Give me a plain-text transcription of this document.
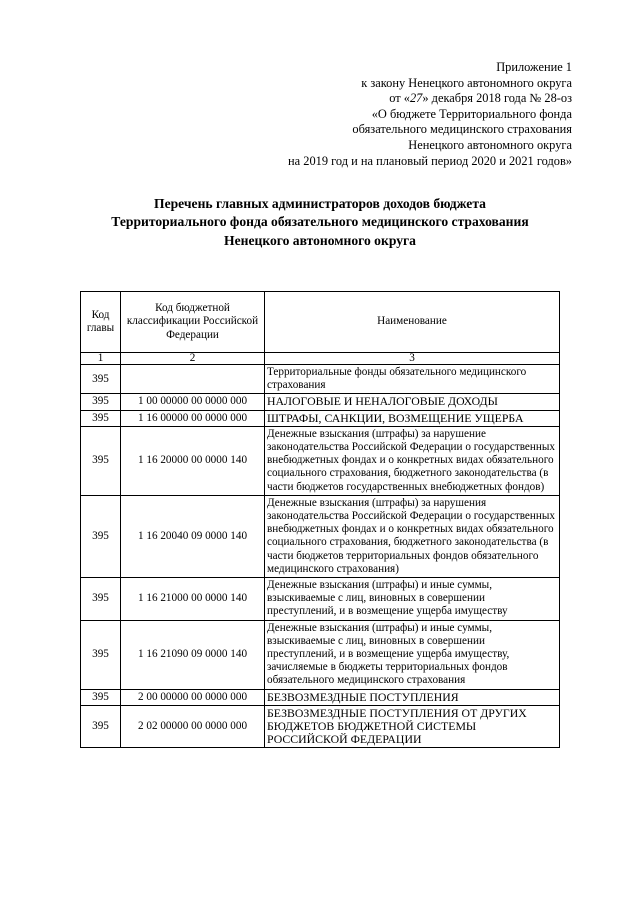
Приложение 1
к закону Ненецкого автономного округа
от «27» декабря 2018 года № 28-оз
«О бюджете Территориального фонда
обязательного медицинского страхования
Ненецкого автономного округа
на 2019 год и на плановый период 2020 и 2021 годов»
Перечень главных администраторов доходов бюджета
Территориального фонда обязательного медицинского страхования
Ненецкого автономного округа
Код главы	Код бюджетной классификации Российской Федерации	Наименование
1	2	3
395		Территориальные фонды обязательного медицинского страхования
395	1 00 00000 00 0000 000	НАЛОГОВЫЕ И НЕНАЛОГОВЫЕ ДОХОДЫ
395	1 16 00000 00 0000 000	ШТРАФЫ, САНКЦИИ, ВОЗМЕЩЕНИЕ УЩЕРБА
395	1 16 20000 00 0000 140	Денежные взыскания (штрафы) за нарушение законодательства Российской Федерации о государственных внебюджетных фондах и о конкретных видах обязательного социального страхования, бюджетного законодательства (в части бюджетов государственных внебюджетных фондов)
395	1 16 20040 09 0000 140	Денежные взыскания (штрафы) за нарушения законодательства Российской Федерации о государственных внебюджетных фондах и о конкретных видах обязательного социального страхования, бюджетного законодательства (в части бюджетов территориальных фондов обязательного медицинского страхования)
395	1 16 21000 00 0000 140	Денежные взыскания (штрафы) и иные суммы, взыскиваемые с лиц, виновных в совершении преступлений, и в возмещение ущерба имуществу
395	1 16 21090 09 0000 140	Денежные взыскания (штрафы) и иные суммы, взыскиваемые с лиц, виновных в совершении преступлений, и в возмещение ущерба имуществу, зачисляемые в бюджеты территориальных фондов обязательного медицинского страхования
395	2 00 00000 00 0000 000	БЕЗВОЗМЕЗДНЫЕ ПОСТУПЛЕНИЯ
395	2 02 00000 00 0000 000	БЕЗВОЗМЕЗДНЫЕ ПОСТУПЛЕНИЯ ОТ ДРУГИХ БЮДЖЕТОВ БЮДЖЕТНОЙ СИСТЕМЫ РОССИЙСКОЙ ФЕДЕРАЦИИ
